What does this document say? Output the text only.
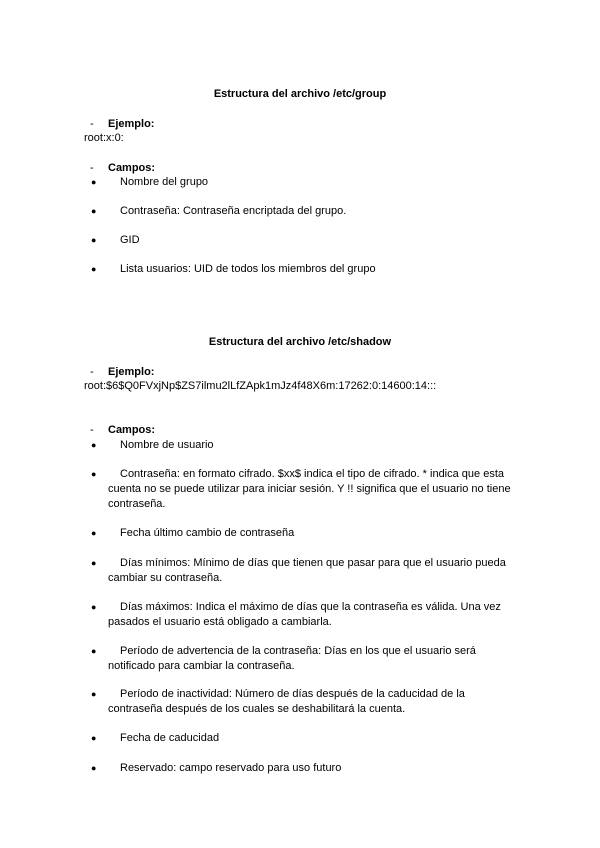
Estructura del archivo /etc/group
- Ejemplo:
root:x:0:
- Campos:
●	Nombre del grupo
●	Contraseña: Contraseña encriptada del grupo.
●	GID
●	Lista usuarios: UID de todos los miembros del grupo
Estructura del archivo /etc/shadow
- Ejemplo:
root:$6$Q0FVxjNp$ZS7ilmu2lLfZApk1mJz4f48X6m:17262:0:14600:14:::
- Campos:
●	Nombre de usuario
●	Contraseña: en formato cifrado. $xx$ indica el tipo de cifrado. * indica que esta cuenta no se puede utilizar para iniciar sesión. Y !! significa que el usuario no tiene contraseña.
●	Fecha último cambio de contraseña
●	Días mínimos: Mínimo de días que tienen que pasar para que el usuario pueda cambiar su contraseña.
●	Días máximos: Indica el máximo de días que la contraseña es válida. Una vez pasados el usuario está obligado a cambiarla.
●	Período de advertencia de la contraseña: Días en los que el usuario será notificado para cambiar la contraseña.
●	Período de inactividad: Número de días después de la caducidad de la contraseña después de los cuales se deshabilitará la cuenta.
●	Fecha de caducidad
●	Reservado: campo reservado para uso futuro
